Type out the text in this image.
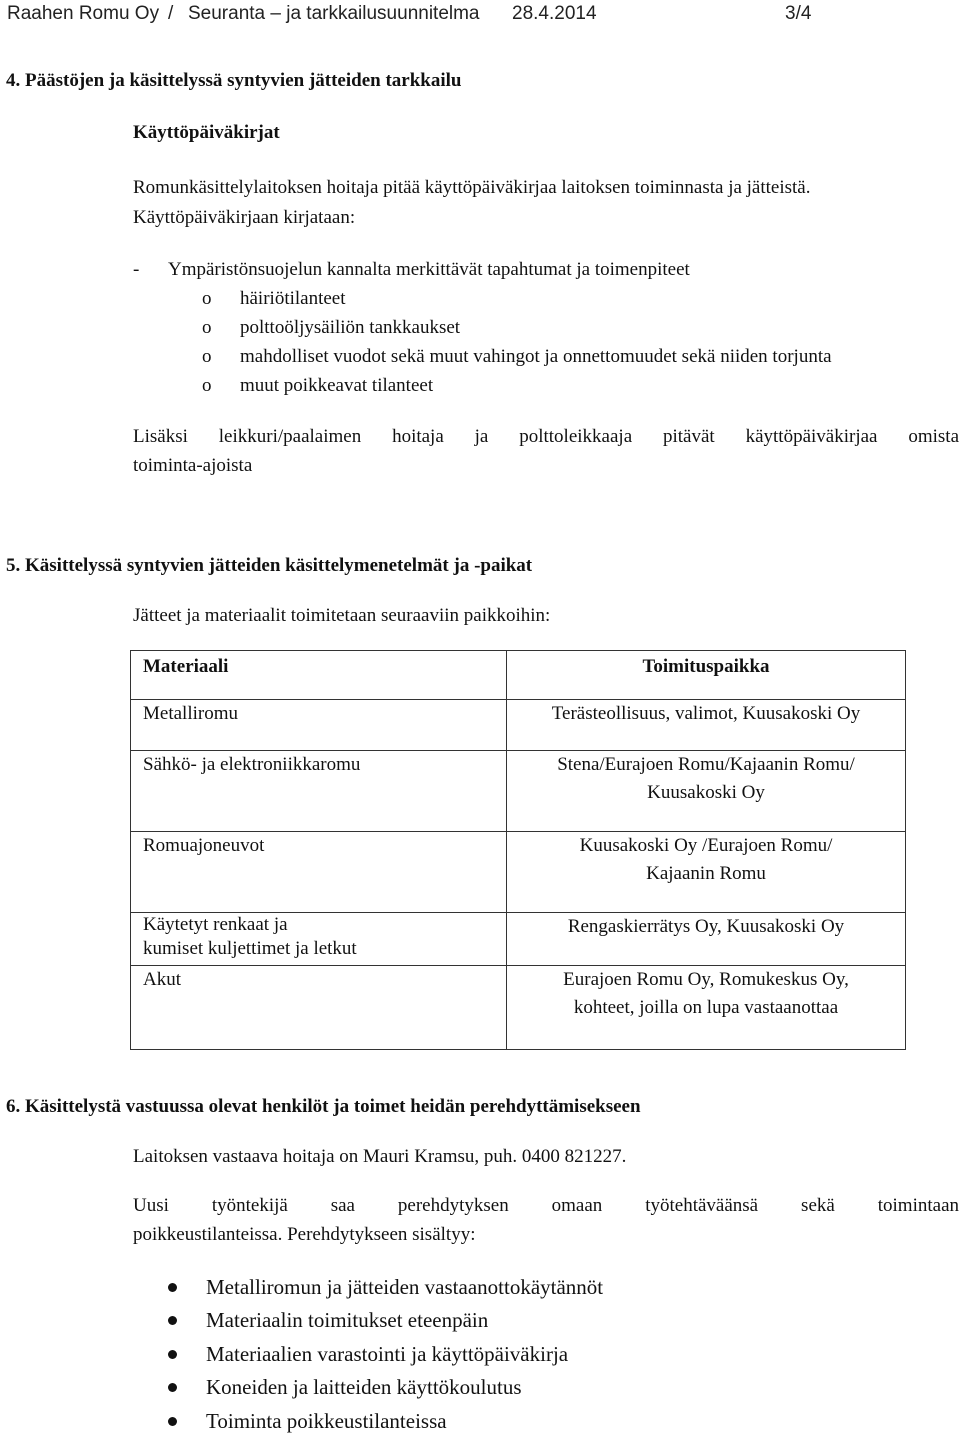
Raahen Romu Oy / Seuranta – ja tarkkailusuunnitelma 28.4.2014	3/4
4. Päästöjen ja käsittelyssä syntyvien jätteiden tarkkailu
Käyttöpäiväkirjat
Romunkäsittelylaitoksen hoitaja pitää käyttöpäiväkirjaa laitoksen toiminnasta ja jätteistä.
Käyttöpäiväkirjaan kirjataan:
- Ympäristönsuojelun kannalta merkittävät tapahtumat ja toimenpiteet
o häiriötilanteet
o polttoöljysäiliön tankkaukset
o mahdolliset vuodot sekä muut vahingot ja onnettomuudet sekä niiden torjunta
o muut poikkeavat tilanteet
Lisäksi leikkuri/paalaimen hoitaja ja polttoleikkaaja pitävät käyttöpäiväkirjaa omista
toiminta-ajoista
5. Käsittelyssä syntyvien jätteiden käsittelymenetelmät ja -paikat
Jätteet ja materiaalit toimitetaan seuraaviin paikkoihin:
Materiaali	Toimituspaikka
Metalliromu	Terästeollisuus, valimot, Kuusakoski Oy
Sähkö- ja elektroniikkaromu	Stena/Eurajoen Romu/Kajaanin Romu/
Kuusakoski Oy
Romuajoneuvot	Kuusakoski Oy /Eurajoen Romu/
Kajaanin Romu

Käytetyt renkaat ja
kumiset kuljettimet ja letkut	Rengaskierrätys Oy, Kuusakoski Oy
Akut	Eurajoen Romu Oy, Romukeskus Oy,
kohteet, joilla on lupa vastaanottaa
6. Käsittelystä vastuussa olevat henkilöt ja toimet heidän perehdyttämisekseen
Laitoksen vastaava hoitaja on Mauri Kramsu, puh. 0400 821227.
Uusi työntekijä saa perehdytyksen omaan työtehtäväänsä sekä toimintaan
poikkeustilanteissa. Perehdytykseen sisältyy:
Metalliromun ja jätteiden vastaanottokäytännöt
Materiaalin toimitukset eteenpäin
Materiaalien varastointi ja käyttöpäiväkirja
Koneiden ja laitteiden käyttökoulutus
Toiminta poikkeustilanteissa
